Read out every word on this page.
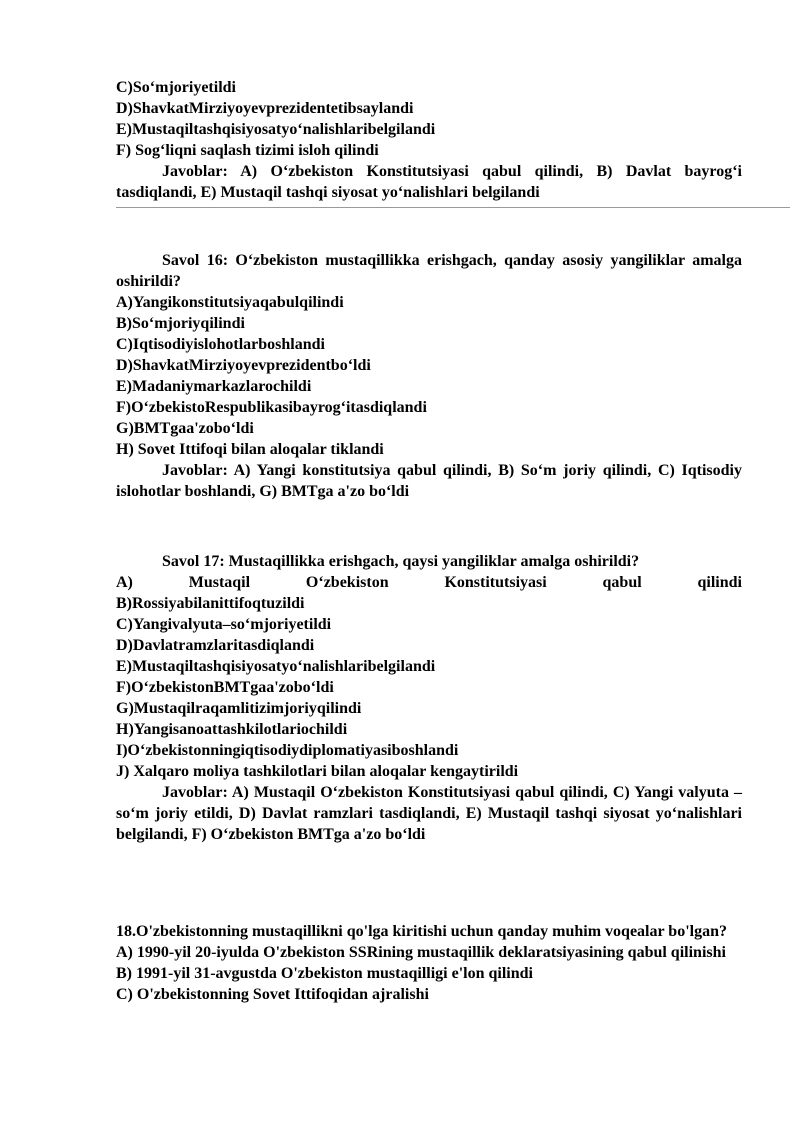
C)So‘mjoriyetildi
D)ShavkatMirziyoyevprezidentetibsaylandi
E)Mustaqiltashqisiyosatyo‘nalishlaribelgilandi
F) Sog‘liqni saqlash tizimi isloh qilindi
Javoblar: A) O‘zbekiston Konstitutsiyasi qabul qilindi, B) Davlat bayrog‘i tasdiqlandi, E) Mustaqil tashqi siyosat yo‘nalishlari belgilandi
Savol 16: O‘zbekiston mustaqillikka erishgach, qanday asosiy yangiliklar amalga oshirildi?
A)Yangikonstitutsiyaqabulqilindi
B)So‘mjoriyqilindi
C)Iqtisodiyislohotlarboshlandi
D)ShavkatMirziyoyevprezidentbo‘ldi
E)Madaniymarkazlarochildi
F)O‘zbekistoRespublikasibayrog‘itasdiqlandi
G)BMTgaa'zobo‘ldi
H) Sovet Ittifoqi bilan aloqalar tiklandi
Javoblar: A) Yangi konstitutsiya qabul qilindi, B) So‘m joriy qilindi, C) Iqtisodiy islohotlar boshlandi, G) BMTga a'zo bo‘ldi
Savol 17: Mustaqillikka erishgach, qaysi yangiliklar amalga oshirildi?
A) Mustaqil O‘zbekiston Konstitutsiyasi qabul qilindi
B)Rossiyabilanittifoqtuzildi
C)Yangivalyuta–so‘mjoriyetildi
D)Davlatramzlaritasdiqlandi
E)Mustaqiltashqisiyosatyo‘nalishlaribelgilandi
F)O‘zbekistonBMTgaa'zobo‘ldi
G)Mustaqilraqamlitizimjoriyqilindi
H)Yangisanoattashkilotlariochildi
I)O‘zbekistonningiqtisodiydiplomatiyasiboshlandi
J) Xalqaro moliya tashkilotlari bilan aloqalar kengaytirildi
Javoblar: A) Mustaqil O‘zbekiston Konstitutsiyasi qabul qilindi, C) Yangi valyuta – so‘m joriy etildi, D) Davlat ramzlari tasdiqlandi, E) Mustaqil tashqi siyosat yo‘nalishlari belgilandi, F) O‘zbekiston BMTga a'zo bo‘ldi
18.O'zbekistonning mustaqillikni qo'lga kiritishi uchun qanday muhim voqealar bo'lgan?
A) 1990-yil 20-iyulda O'zbekiston SSRining mustaqillik deklaratsiyasining qabul qilinishi
B) 1991-yil 31-avgustda O'zbekiston mustaqilligi e'lon qilindi
C) O'zbekistonning Sovet Ittifoqidan ajralishi
